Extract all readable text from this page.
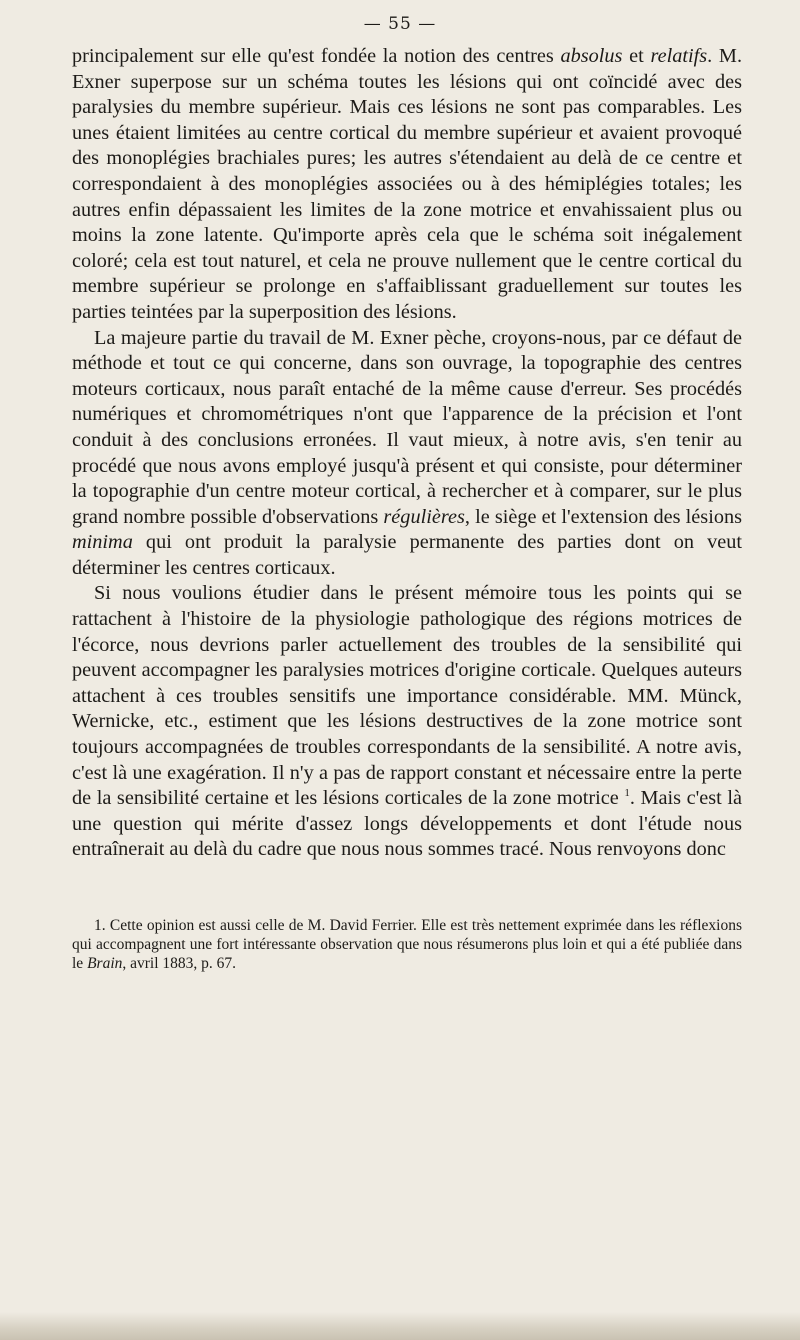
— 55 —

principalement sur elle qu'est fondée la notion des centres absolus et relatifs. M. Exner superpose sur un schéma toutes les lésions qui ont coïncidé avec des paralysies du membre supérieur. Mais ces lésions ne sont pas comparables. Les unes étaient limitées au centre cortical du membre supérieur et avaient provoqué des monoplégies brachiales pures; les autres s'étendaient au delà de ce centre et correspondaient à des monoplégies associées ou à des hémiplégies totales; les autres enfin dépassaient les limites de la zone motrice et envahissaient plus ou moins la zone latente. Qu'importe après cela que le schéma soit inégalement coloré; cela est tout naturel, et cela ne prouve nullement que le centre cortical du membre supérieur se prolonge en s'affaiblissant graduellement sur toutes les parties teintées par la superposition des lésions.

La majeure partie du travail de M. Exner pèche, croyons-nous, par ce défaut de méthode et tout ce qui concerne, dans son ouvrage, la topographie des centres moteurs corticaux, nous paraît entaché de la même cause d'erreur. Ses procédés numériques et chromométriques n'ont que l'apparence de la précision et l'ont conduit à des conclusions erronées. Il vaut mieux, à notre avis, s'en tenir au procédé que nous avons employé jusqu'à présent et qui consiste, pour déterminer la topographie d'un centre moteur cortical, à rechercher et à comparer, sur le plus grand nombre possible d'observations régulières, le siège et l'extension des lésions minima qui ont produit la paralysie permanente des parties dont on veut déterminer les centres corticaux.

Si nous voulions étudier dans le présent mémoire tous les points qui se rattachent à l'histoire de la physiologie pathologique des régions motrices de l'écorce, nous devrions parler actuellement des troubles de la sensibilité qui peuvent accompagner les paralysies motrices d'origine corticale. Quelques auteurs attachent à ces troubles sensitifs une importance considérable. MM. Münck, Wernicke, etc., estiment que les lésions destructives de la zone motrice sont toujours accompagnées de troubles correspondants de la sensibilité. A notre avis, c'est là une exagération. Il n'y a pas de rapport constant et nécessaire entre la perte de la sensibilité certaine et les lésions corticales de la zone motrice $^1$. Mais c'est là une question qui mérite d'assez longs développements et dont l'étude nous entraînerait au delà du cadre que nous nous sommes tracé. Nous renvoyons donc

1. Cette opinion est aussi celle de M. David Ferrier. Elle est très nettement exprimée dans les réflexions qui accompagnent une fort intéressante observation que nous résumerons plus loin et qui a été publiée dans le Brain, avril 1883, p. 67.
